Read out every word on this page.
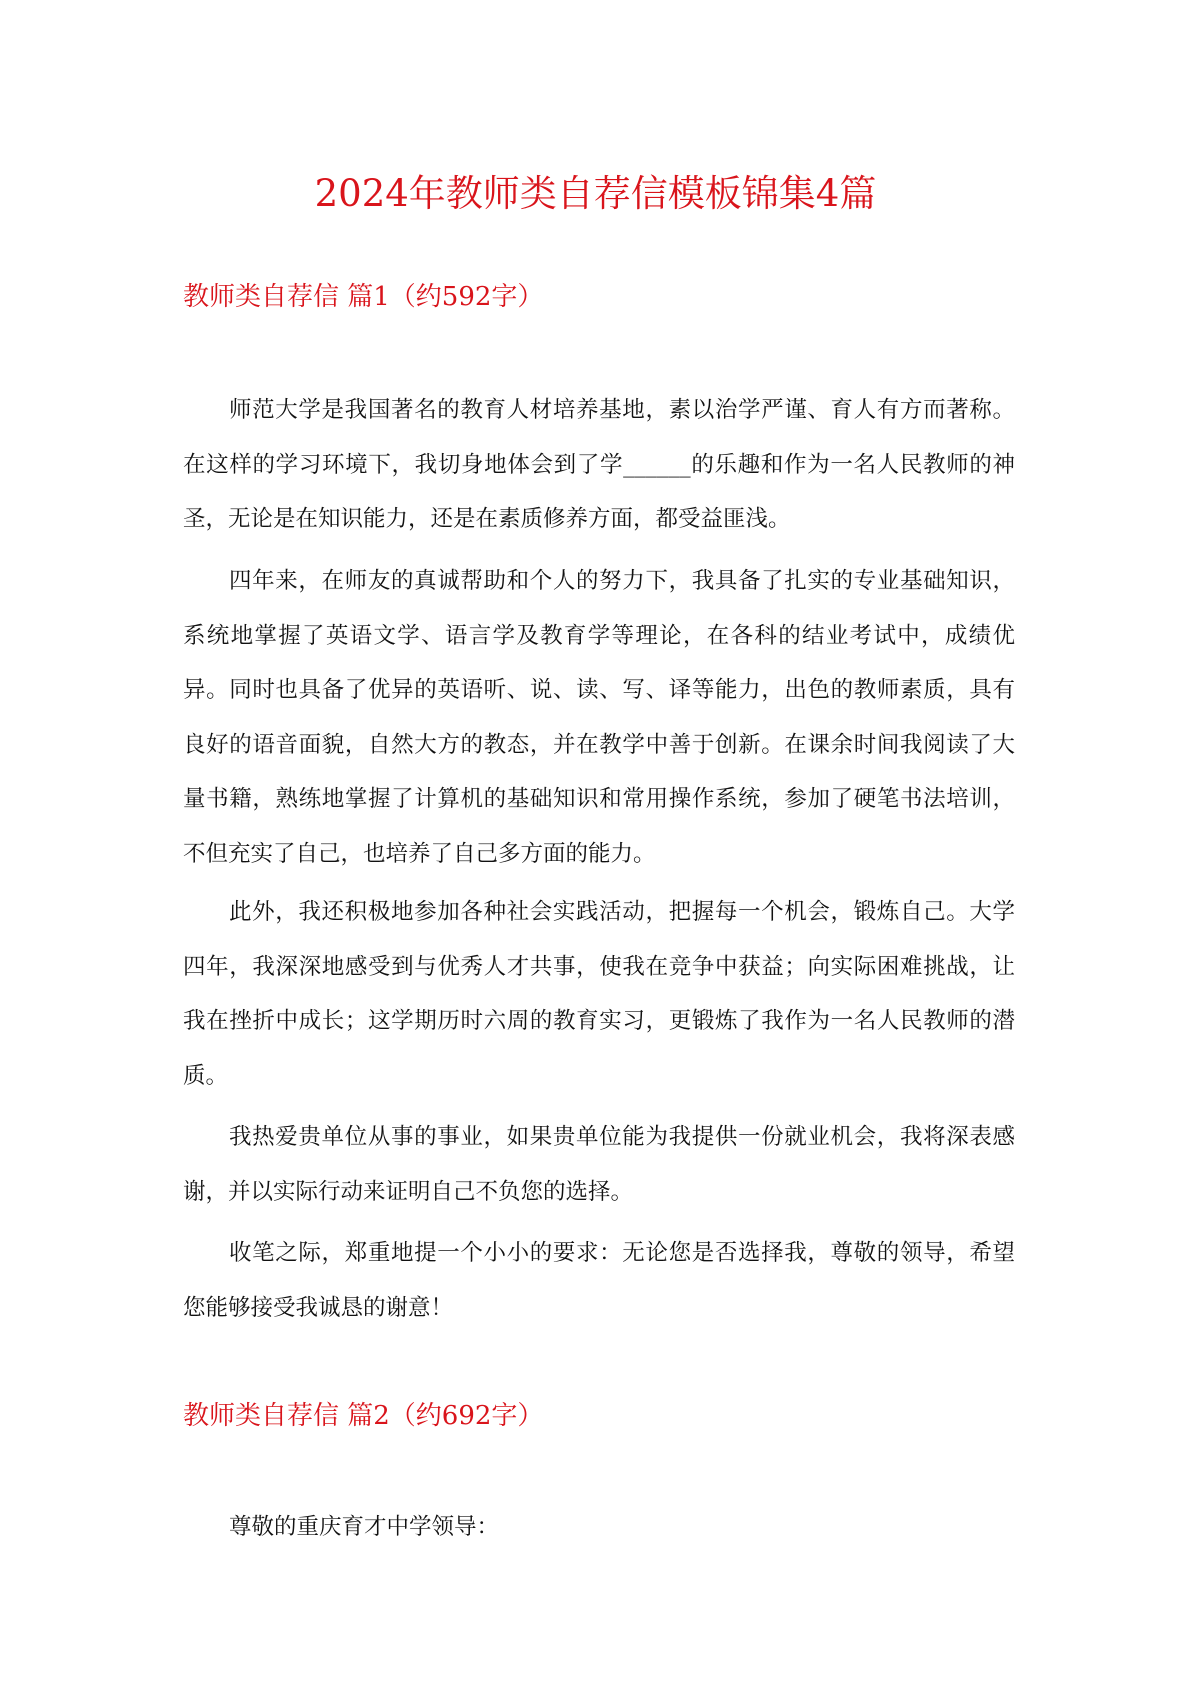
2024年教师类自荐信模板锦集4篇
教师类自荐信 篇1（约592字）

师范大学是我国著名的教育人材培养基地，素以治学严谨、育人有方而著称。在这样的学习环境下，我切身地体会到了学______的乐趣和作为一名人民教师的神圣，无论是在知识能力，还是在素质修养方面，都受益匪浅。

四年来，在师友的真诚帮助和个人的努力下，我具备了扎实的专业基础知识，系统地掌握了英语文学、语言学及教育学等理论，在各科的结业考试中，成绩优异。同时也具备了优异的英语听、说、读、写、译等能力，出色的教师素质，具有良好的语音面貌，自然大方的教态，并在教学中善于创新。在课余时间我阅读了大量书籍，熟练地掌握了计算机的基础知识和常用操作系统，参加了硬笔书法培训，不但充实了自己，也培养了自己多方面的能力。

此外，我还积极地参加各种社会实践活动，把握每一个机会，锻炼自己。大学四年，我深深地感受到与优秀人才共事，使我在竞争中获益；向实际困难挑战，让我在挫折中成长；这学期历时六周的教育实习，更锻炼了我作为一名人民教师的潜质。

我热爱贵单位从事的事业，如果贵单位能为我提供一份就业机会，我将深表感谢，并以实际行动来证明自己不负您的选择。

收笔之际，郑重地提一个小小的要求：无论您是否选择我，尊敬的领导，希望您能够接受我诚恳的谢意！

教师类自荐信 篇2（约692字）

尊敬的重庆育才中学领导：
